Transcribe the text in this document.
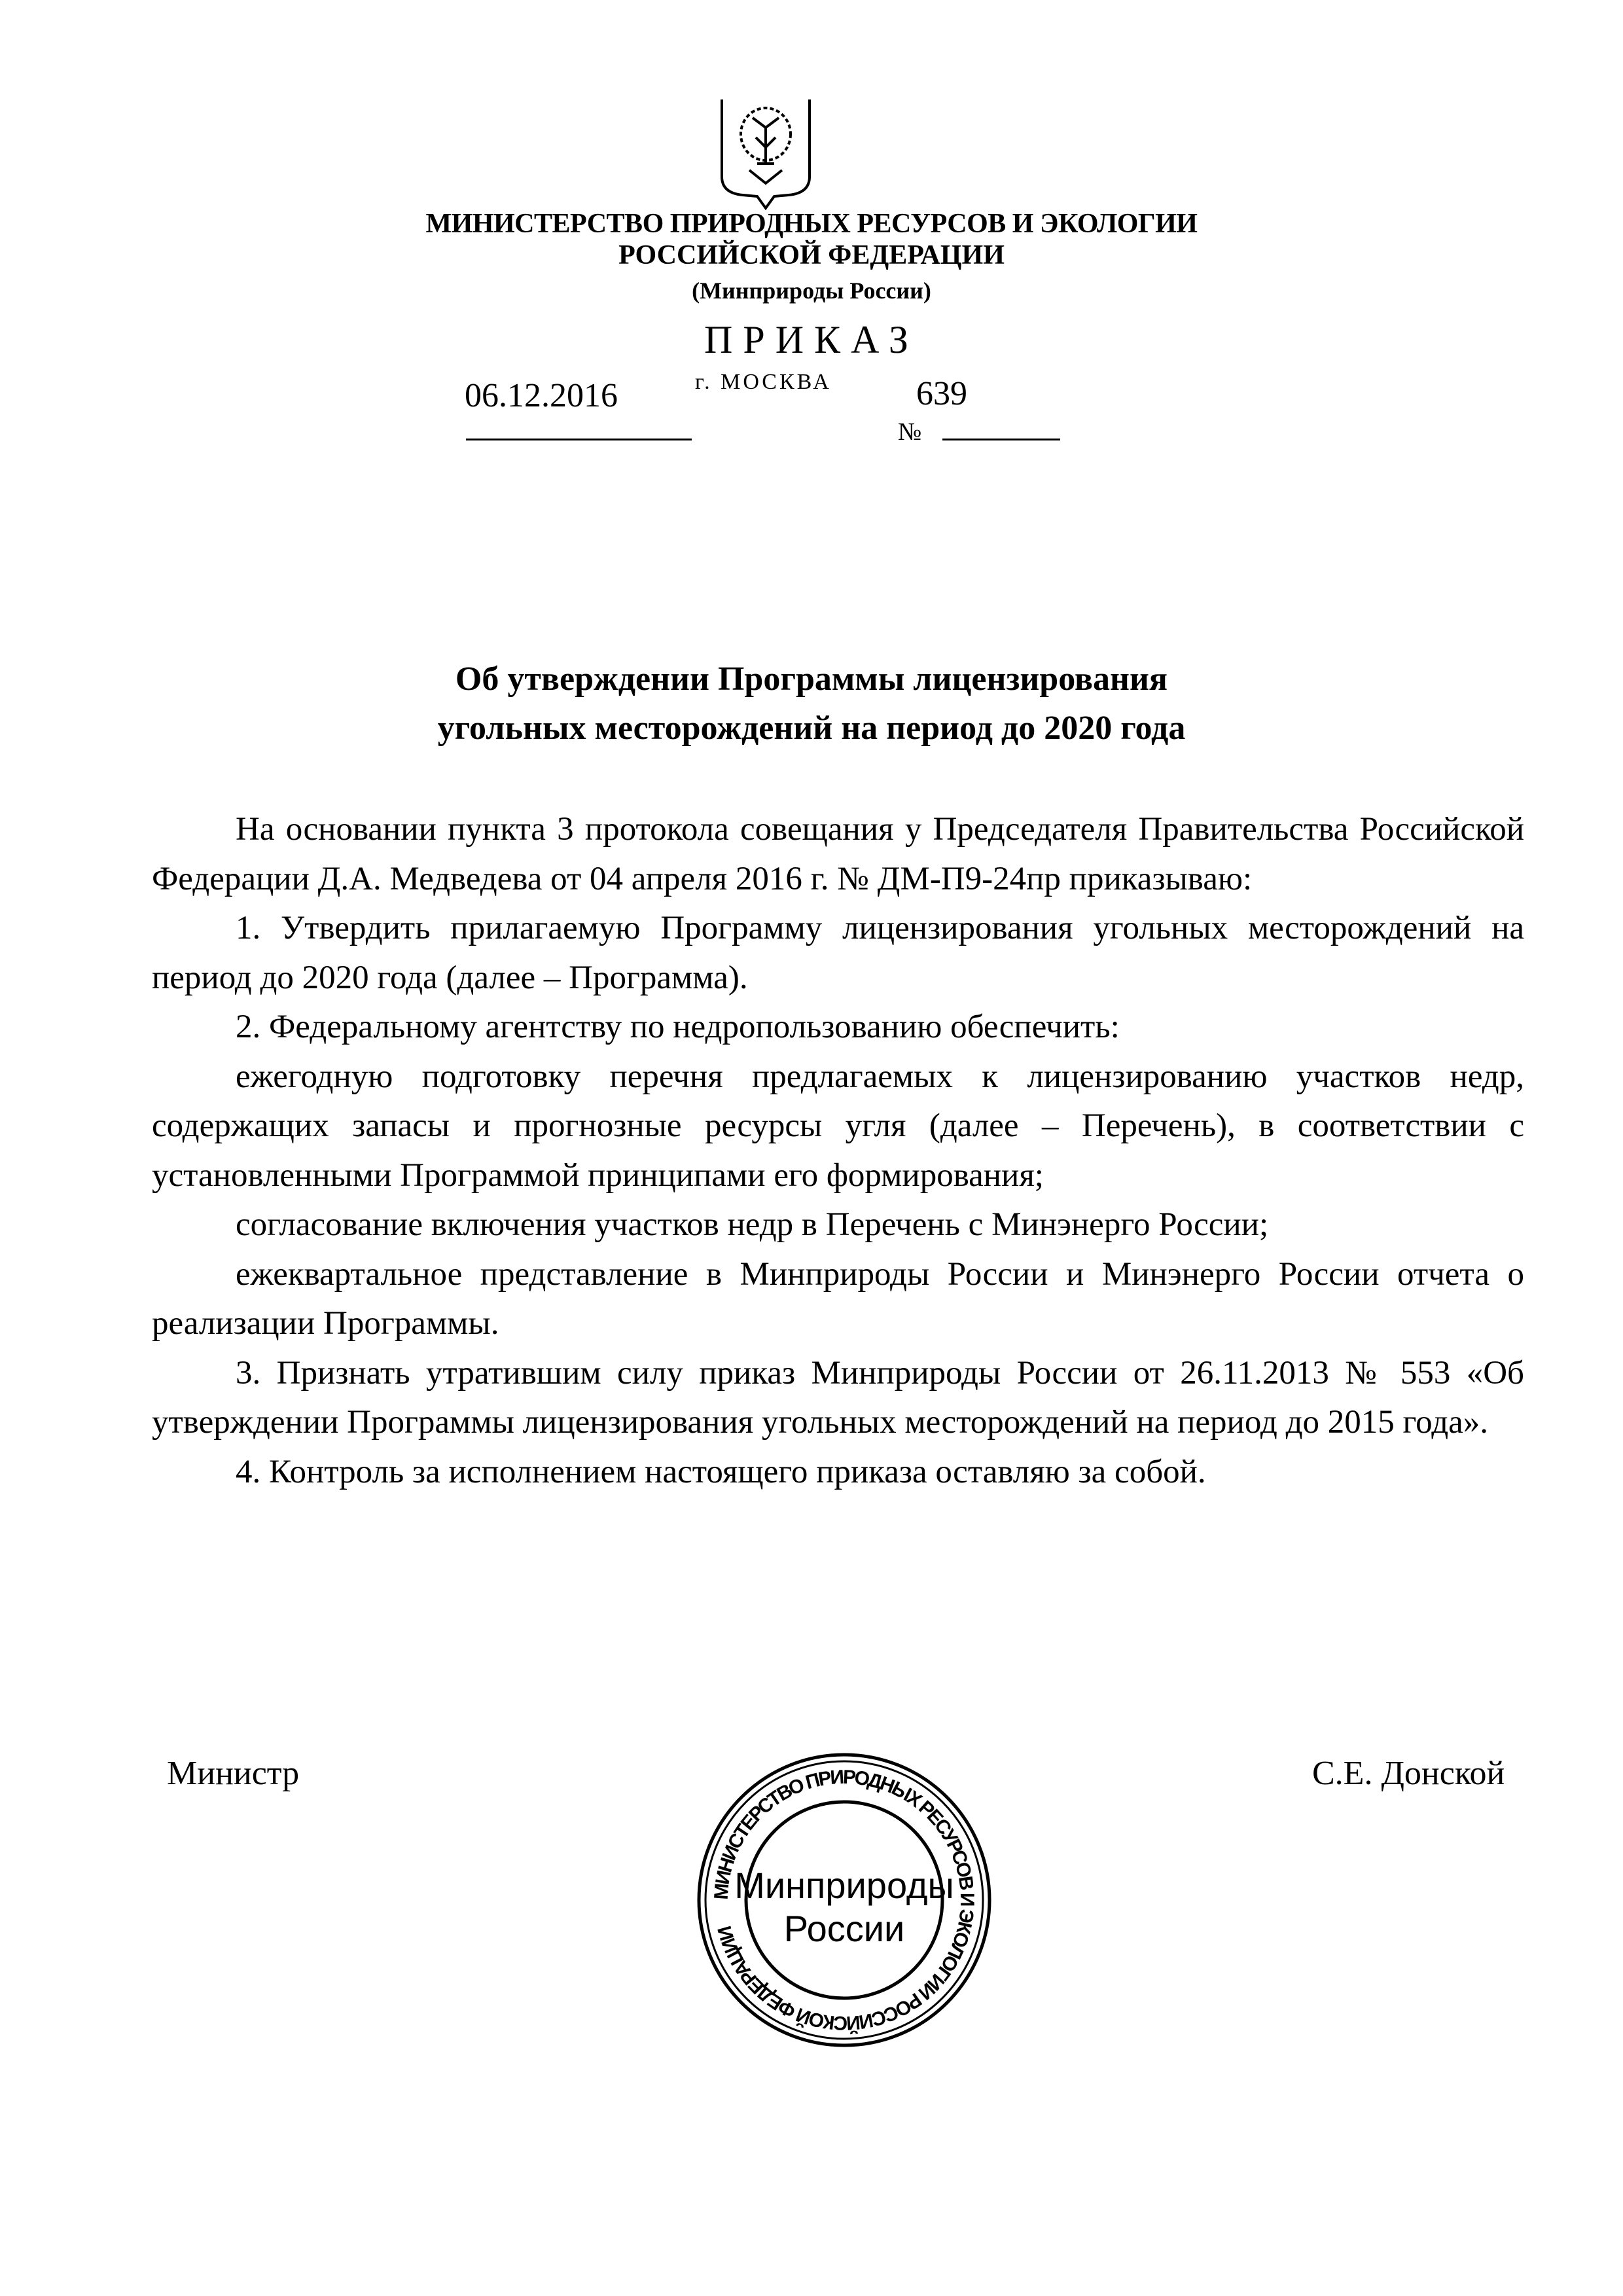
МИНИСТЕРСТВО ПРИРОДНЫХ РЕСУРСОВ И ЭКОЛОГИИ
РОССИЙСКОЙ ФЕДЕРАЦИИ
(Минприроды России)
ПРИКАЗ
06.12.2016	г. МОСКВА 639
№
Об утверждении Программы лицензирования
угольных месторождений на период до 2020 года

На основании пункта 3 протокола совещания у Председателя Правительства Российской Федерации Д.А. Медведева от 04 апреля 2016 г. № ДМ-П9-24пр приказываю:

1. Утвердить прилагаемую Программу лицензирования угольных месторождений на период до 2020 года (далее – Программа).

2. Федеральному агентству по недропользованию обеспечить:

ежегодную подготовку перечня предлагаемых к лицензированию участков недр, содержащих запасы и прогнозные ресурсы угля (далее – Перечень), в соответствии с установленными Программой принципами его формирования;

согласование включения участков недр в Перечень с Минэнерго России;

ежеквартальное представление в Минприроды России и Минэнерго России отчета о реализации Программы.

3. Признать утратившим силу приказ Минприроды России от 26.11.2013 № 553 «Об утверждении Программы лицензирования угольных месторождений на период до 2015 года».

4. Контроль за исполнением настоящего приказа оставляю за собой.

Министр	С.Е. Донской
МИНИСТЕРСТВО ПРИРОДНЫХ РЕСУРСОВ И ЭКОЛОГИИ РОССИЙСКОЙ ФЕДЕРАЦИИ
Минприроды
России
